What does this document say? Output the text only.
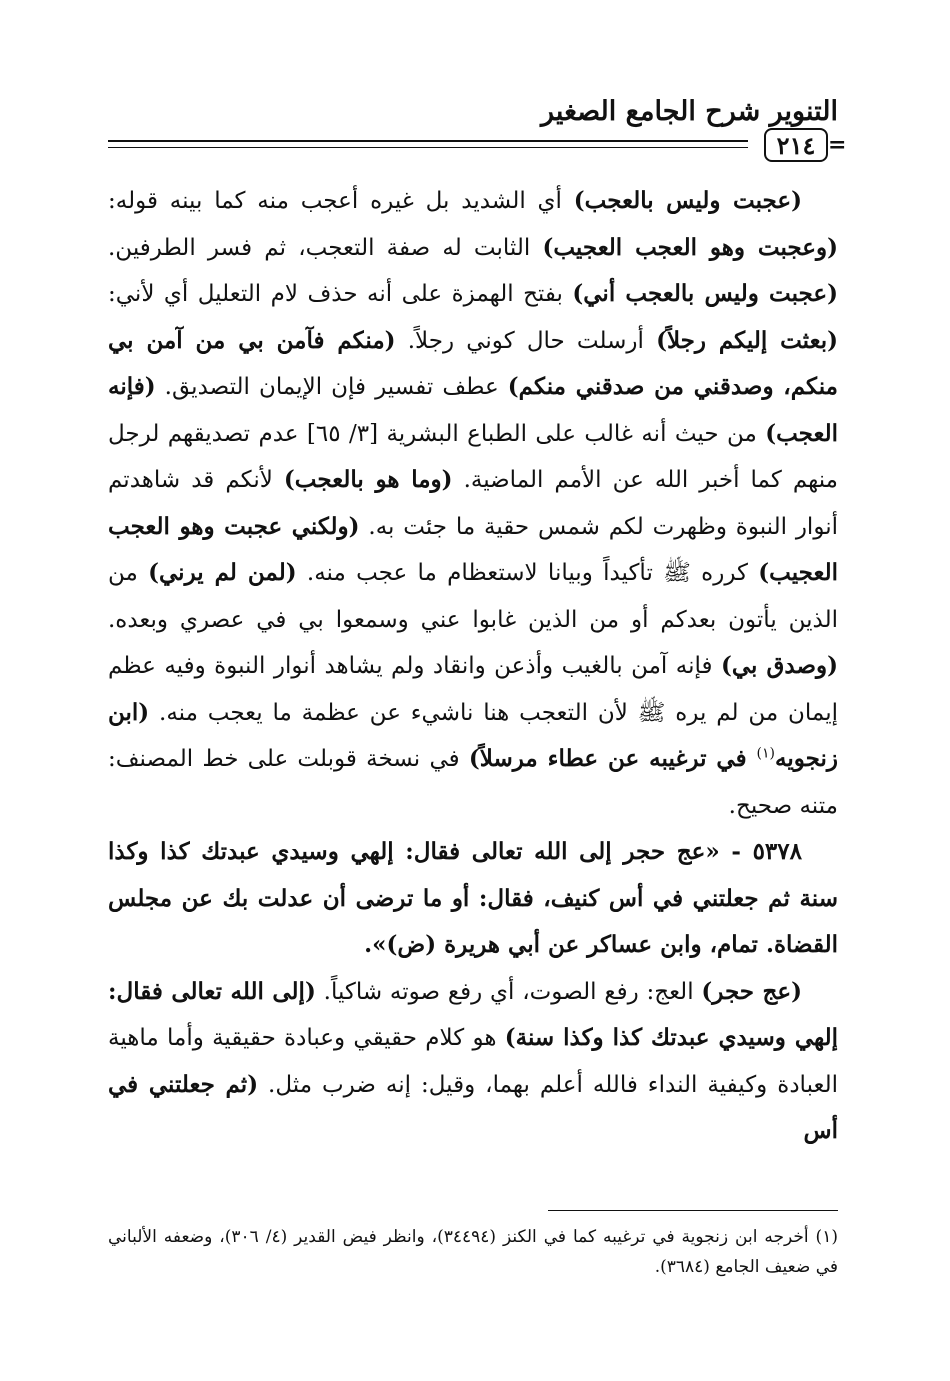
التنوير شرح الجامع الصغير
٢١٤ =

(عجبت وليس بالعجب) أي الشديد بل غيره أعجب منه كما بينه قوله: (وعجبت وهو العجب العجيب) الثابت له صفة التعجب، ثم فسر الطرفين. (عجبت وليس بالعجب أني) بفتح الهمزة على أنه حذف لام التعليل أي لأني: (بعثت إليكم رجلاً) أرسلت حال كوني رجلاً. (منكم فآمن بي من آمن بي منكم، وصدقني من صدقني منكم) عطف تفسير فإن الإيمان التصديق. (فإنه العجب) من حيث أنه غالب على الطباع البشرية [٣/ ٦٥] عدم تصديقهم لرجل منهم كما أخبر الله عن الأمم الماضية. (وما هو بالعجب) لأنكم قد شاهدتم أنوار النبوة وظهرت لكم شمس حقية ما جئت به. (ولكني عجبت وهو العجب العجيب) كرره ﷺ تأكيداً وبيانا لاستعظام ما عجب منه. (لمن لم يرني) من الذين يأتون بعدكم أو من الذين غابوا عني وسمعوا بي في عصري وبعده. (وصدق بي) فإنه آمن بالغيب وأذعن وانقاد ولم يشاهد أنوار النبوة وفيه عظم إيمان من لم يره ﷺ لأن التعجب هنا ناشيء عن عظمة ما يعجب منه. (ابن زنجويه$^{(١)}$ في ترغيبه عن عطاء مرسلاً) في نسخة قوبلت على خط المصنف: متنه صحيح.

٥٣٧٨ - «عج حجر إلى الله تعالى فقال: إلهي وسيدي عبدتك كذا وكذا سنة ثم جعلتني في أس كنيف، فقال: أو ما ترضى أن عدلت بك عن مجلس القضاة. تمام، وابن عساكر عن أبي هريرة (ض)».

(عج حجر) العج: رفع الصوت، أي رفع صوته شاكياً. (إلى الله تعالى فقال: إلهي وسيدي عبدتك كذا وكذا سنة) هو كلام حقيقي وعبادة حقيقية وأما ماهية العبادة وكيفية النداء فالله أعلم بهما، وقيل: إنه ضرب مثل. (ثم جعلتني في أس

(١) أخرجه ابن زنجوية في ترغيبه كما في الكنز (٣٤٤٩٤)، وانظر فيض القدير (٤/ ٣٠٦)، وضعفه الألباني في ضعيف الجامع (٣٦٨٤).
